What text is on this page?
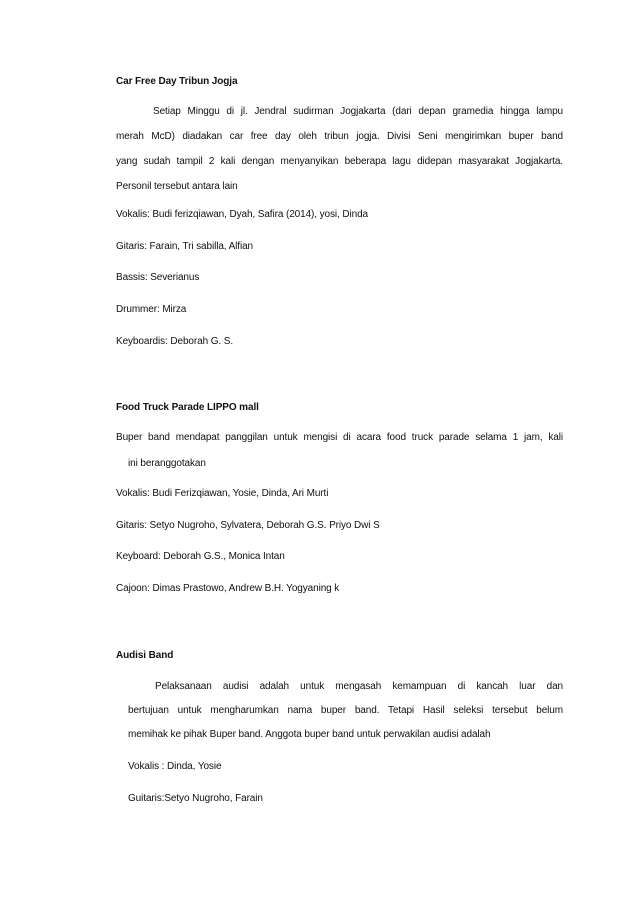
Car Free Day Tribun Jogja
Setiap Minggu di jl. Jendral sudirman Jogjakarta (dari depan gramedia hingga lampu
merah McD) diadakan car free day oleh tribun jogja. Divisi Seni mengirimkan buper band
yang sudah tampil 2 kali dengan menyanyikan beberapa lagu didepan masyarakat Jogjakarta.
Personil tersebut antara lain
Vokalis: Budi ferizqiawan, Dyah, Safira (2014), yosi, Dinda
Gitaris: Farain, Tri sabilla, Alfian
Bassis: Severianus
Drummer: Mirza
Keyboardis: Deborah G. S.
Food Truck Parade LIPPO mall
Buper band mendapat panggilan untuk mengisi di acara food truck parade selama 1 jam, kali
ini beranggotakan
Vokalis: Budi Ferizqiawan, Yosie, Dinda, Ari Murti
Gitaris: Setyo Nugroho, Sylvatera, Deborah G.S. Priyo Dwi S
Keyboard: Deborah G.S., Monica Intan
Cajoon: Dimas Prastowo, Andrew B.H. Yogyaning k
Audisi Band
Pelaksanaan audisi adalah untuk mengasah kemampuan di kancah luar dan
bertujuan untuk mengharumkan nama buper band. Tetapi Hasil seleksi tersebut belum
memihak ke pihak Buper band. Anggota buper band untuk perwakilan audisi adalah
Vokalis : Dinda, Yosie
Guitaris:Setyo Nugroho, Farain
